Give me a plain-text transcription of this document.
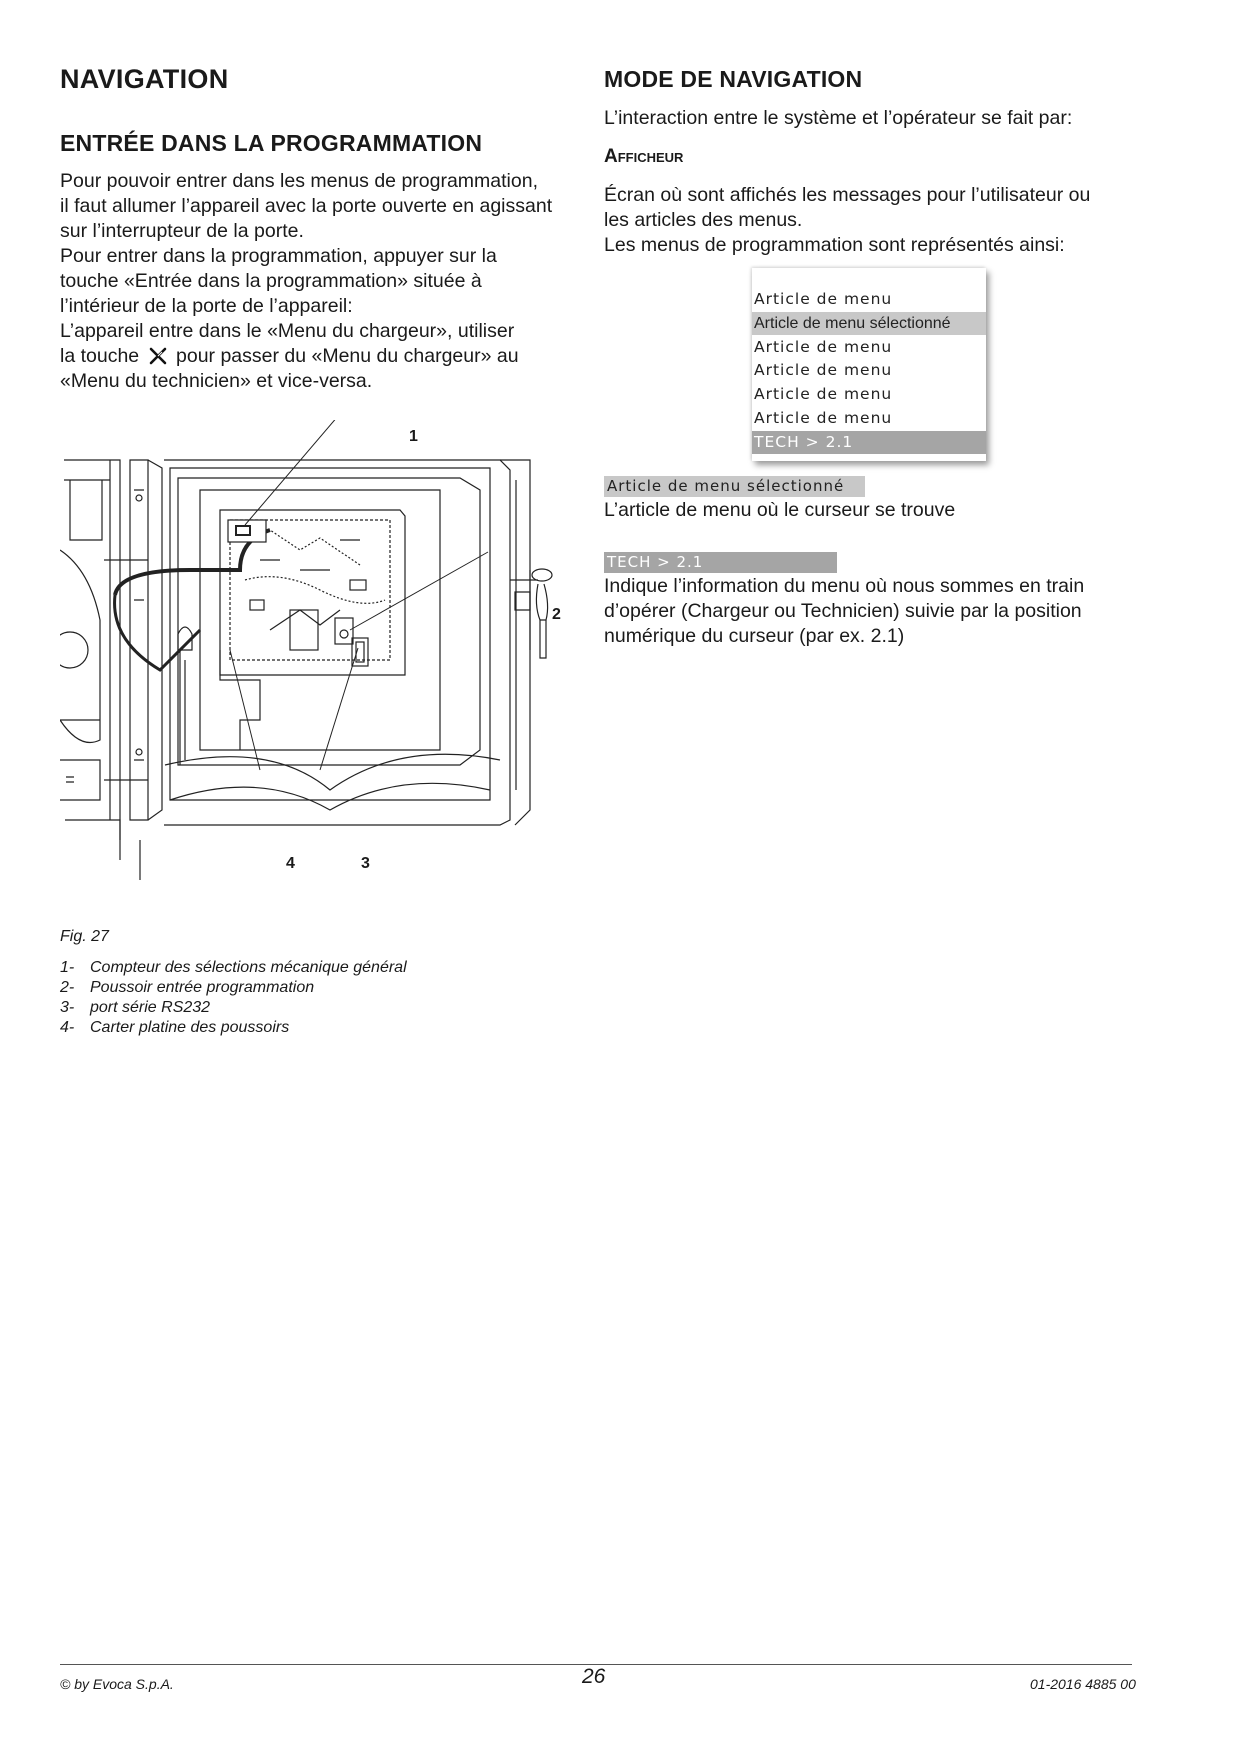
NAVIGATION
ENTRÉE DANS LA PROGRAMMATION

Pour pouvoir entrer dans les menus de programmation,

il faut allumer l’appareil avec la porte ouverte en agissant

sur l’interrupteur de la porte.

Pour entrer dans la programmation, appuyer sur la

touche «Entrée dans la programmation» située à

l’intérieur de la porte de l’appareil:

L’appareil entre dans le «Menu du chargeur», utiliser

la touche pour passer du «Menu du chargeur» au

«Menu du technicien» et vice-versa.

1
2
3
4
Fig. 27
1- Compteur des sélections mécanique général
2- Poussoir entrée programmation
3- port série RS232
4- Carter platine des poussoirs
MODE DE NAVIGATION
L’interaction entre le système et l’opérateur se fait par:
Afficheur

Écran où sont affichés les messages pour l’utilisateur ou

les articles des menus.

Les menus de programmation sont représentés ainsi:

Article de menu
Article de menu sélectionné
Article de menu
Article de menu
Article de menu
Article de menu
TECH > 2.1
Article de menu sélectionné
L’article de menu où le curseur se trouve
TECH > 2.1

Indique l’information du menu où nous sommes en train

d’opérer (Chargeur ou Technicien) suivie par la position

numérique du curseur (par ex. 2.1)

© by Evoca S.p.A.	26	01-2016 4885 00
